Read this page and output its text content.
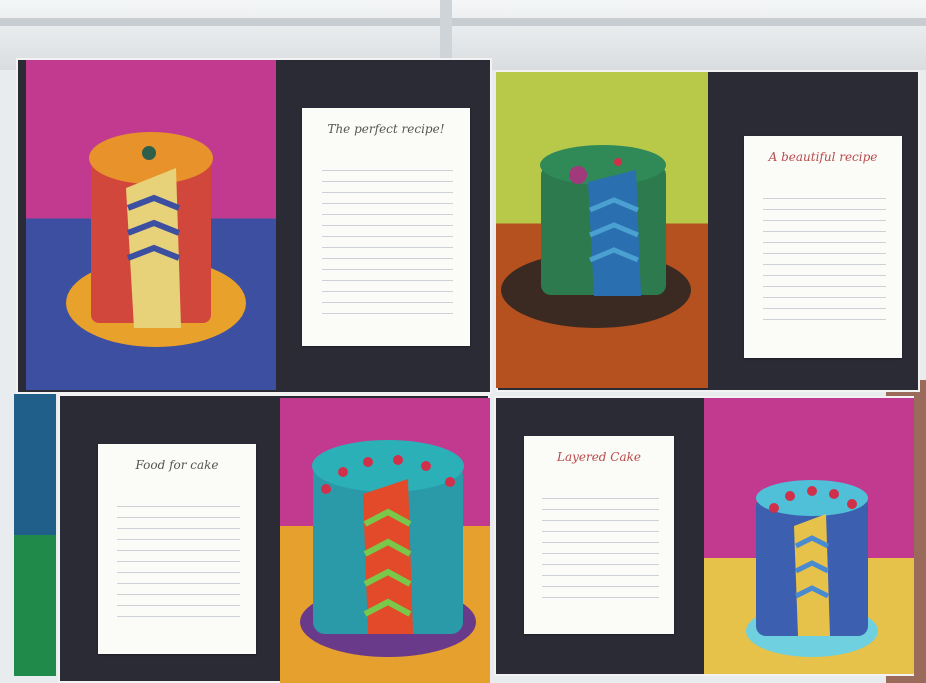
The perfect recipe!
A beautiful recipe
Food for cake
Layered Cake
